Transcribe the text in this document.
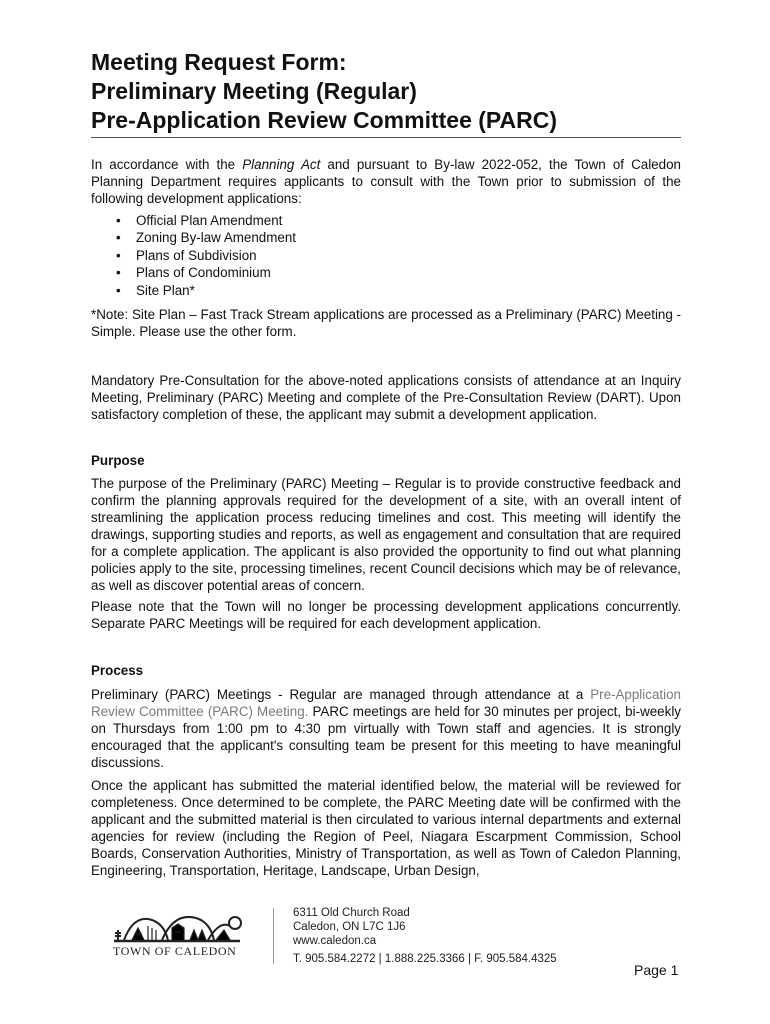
Meeting Request Form:
Preliminary Meeting (Regular)
Pre-Application Review Committee (PARC)

In accordance with the Planning Act and pursuant to By-law 2022-052, the Town of Caledon Planning Department requires applicants to consult with the Town prior to submission of the following development applications:

• Official Plan Amendment
• Zoning By-law Amendment
• Plans of Subdivision
• Plans of Condominium
• Site Plan*

*Note: Site Plan – Fast Track Stream applications are processed as a Preliminary (PARC) Meeting - Simple. Please use the other form.

Mandatory Pre-Consultation for the above-noted applications consists of attendance at an Inquiry Meeting, Preliminary (PARC) Meeting and complete of the Pre-Consultation Review (DART). Upon satisfactory completion of these, the applicant may submit a development application.

Purpose

The purpose of the Preliminary (PARC) Meeting – Regular is to provide constructive feedback and confirm the planning approvals required for the development of a site, with an overall intent of streamlining the application process reducing timelines and cost. This meeting will identify the drawings, supporting studies and reports, as well as engagement and consultation that are required for a complete application. The applicant is also provided the opportunity to find out what planning policies apply to the site, processing timelines, recent Council decisions which may be of relevance, as well as discover potential areas of concern.

Please note that the Town will no longer be processing development applications concurrently. Separate PARC Meetings will be required for each development application.

Process

Preliminary (PARC) Meetings - Regular are managed through attendance at a Pre-Application Review Committee (PARC) Meeting. PARC meetings are held for 30 minutes per project, bi-weekly on Thursdays from 1:00 pm to 4:30 pm virtually with Town staff and agencies. It is strongly encouraged that the applicant's consulting team be present for this meeting to have meaningful discussions.

Once the applicant has submitted the material identified below, the material will be reviewed for completeness. Once determined to be complete, the PARC Meeting date will be confirmed with the applicant and the submitted material is then circulated to various internal departments and external agencies for review (including the Region of Peel, Niagara Escarpment Commission, School Boards, Conservation Authorities, Ministry of Transportation, as well as Town of Caledon Planning, Engineering, Transportation, Heritage, Landscape, Urban Design,

TOWN OF CALEDON
6311 Old Church Road
Caledon, ON L7C 1J6
www.caledon.ca
T. 905.584.2272 | 1.888.225.3366 | F. 905.584.4325
Page 1
